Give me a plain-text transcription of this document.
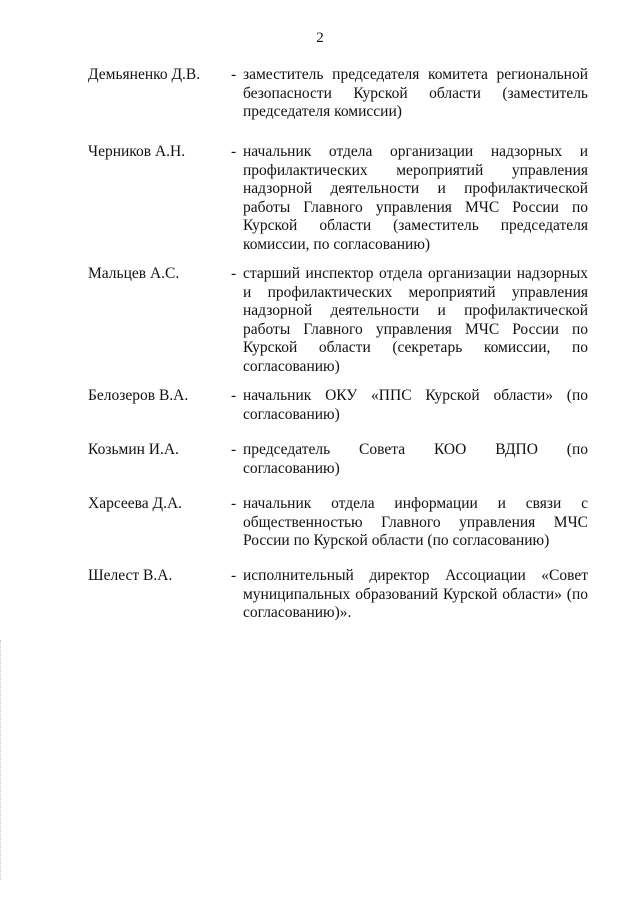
2
Демьяненко Д.В. - заместитель председателя комитета региональной безопасности Курской области (заместитель председателя комиссии)
Черников А.Н.	- начальник отдела организации надзорных и профилактических мероприятий управления надзорной деятельности и профилактической работы Главного управления МЧС России по Курской области (заместитель председателя комиссии, по согласованию)
Мальцев А.С.	- старший инспектор отдела организации надзорных и профилактических мероприятий управления надзорной деятельности и профилактической работы Главного управления МЧС России по Курской области (секретарь комиссии, по согласованию)
Белозеров В.А.	- начальник ОКУ «ППС Курской области» (по согласованию)
Козьмин И.А.	- председатель Совета КОО ВДПО (по согласованию)
Харсеева Д.А.	- начальник отдела информации и связи с общественностью Главного управления МЧС России по Курской области (по согласованию)
Шелест В.А.	- исполнительный директор Ассоциации «Совет муниципальных образований Курской области» (по согласованию)».
